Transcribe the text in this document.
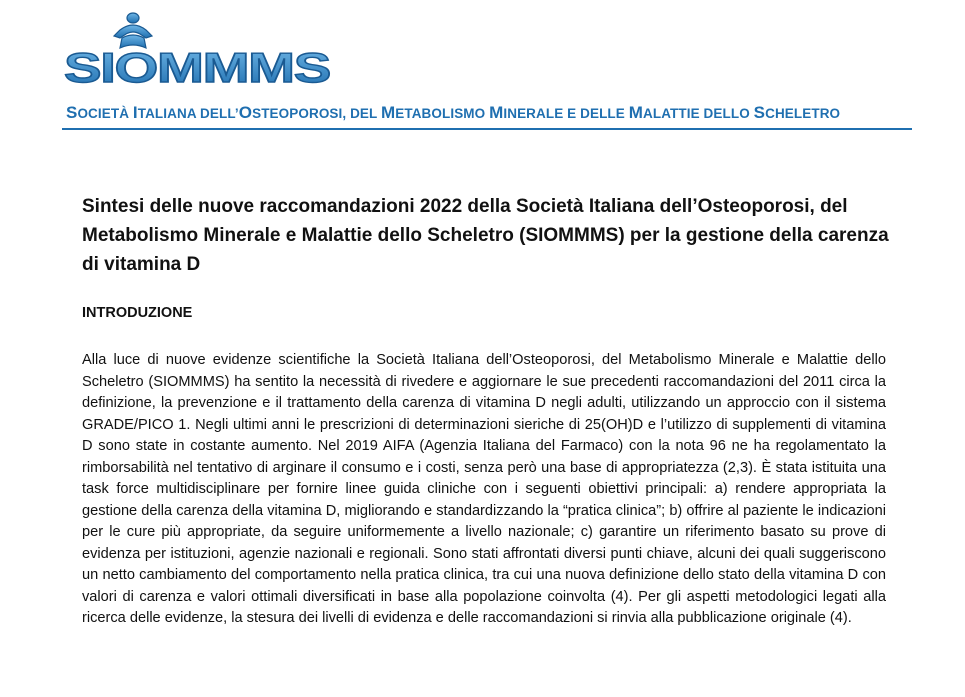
SIOMMMS
SOCIETÀ ITALIANA DELL’OSTEOPOROSI, DEL METABOLISMO MINERALE E DELLE MALATTIE DELLO SCHELETRO
Sintesi delle nuove raccomandazioni 2022 della Società Italiana dell’Osteoporosi, del Metabolismo Minerale e Malattie dello Scheletro (SIOMMMS) per la gestione della carenza di vitamina D
INTRODUZIONE
Alla luce di nuove evidenze scientifiche la Società Italiana dell’Osteoporosi, del Metabolismo Minerale e Malattie dello Scheletro (SIOMMMS) ha sentito la necessità di rivedere e aggiornare le sue precedenti raccomandazioni del 2011 circa la definizione, la prevenzione e il trattamento della carenza di vitamina D negli adulti, utilizzando un approccio con il sistema GRADE/PICO 1. Negli ultimi anni le prescrizioni di determinazioni sieriche di 25(OH)D e l’utilizzo di supplementi di vitamina D sono state in costante aumento. Nel 2019 AIFA (Agenzia Italiana del Farmaco) con la nota 96 ne ha regolamentato la rimborsabilità nel tentativo di arginare il consumo e i costi, senza però una base di appropriatezza (2,3). È stata istituita una task force multidisciplinare per fornire linee guida cliniche con i seguenti obiettivi principali: a) rendere appropriata la gestione della carenza della vitamina D, migliorando e standardizzando la “pratica clinica”; b) offrire al paziente le indicazioni per le cure più appropriate, da seguire uniformemente a livello nazionale; c) garantire un riferimento basato su prove di evidenza per istituzioni, agenzie nazionali e regionali. Sono stati affrontati diversi punti chiave, alcuni dei quali suggeriscono un netto cambiamento del comportamento nella pratica clinica, tra cui una nuova definizione dello stato della vitamina D con valori di carenza e valori ottimali diversificati in base alla popolazione coinvolta (4). Per gli aspetti metodologici legati alla ricerca delle evidenze, la stesura dei livelli di evidenza e delle raccomandazioni si rinvia alla pubblicazione originale (4).
